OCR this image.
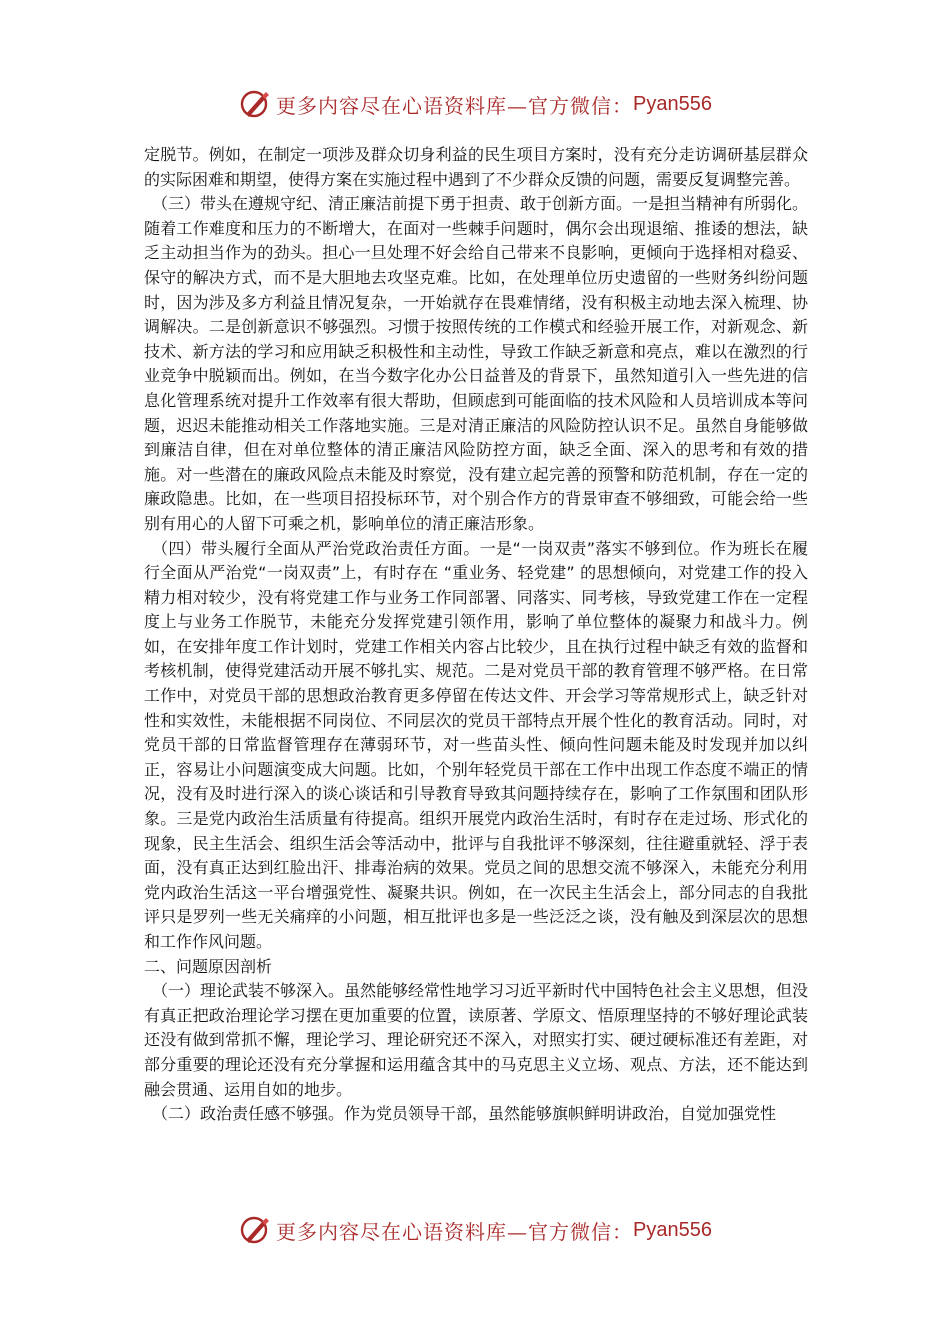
更多内容尽在心语资料库—官方微信： Pyan556

定脱节。例如，在制定一项涉及群众切身利益的民生项目方案时，没有充分走访调研基层群众的实际困难和期望，使得方案在实施过程中遇到了不少群众反馈的问题，需要反复调整完善。

（三）带头在遵规守纪、清正廉洁前提下勇于担责、敢于创新方面。一是担当精神有所弱化。随着工作难度和压力的不断增大，在面对一些棘手问题时，偶尔会出现退缩、推诿的想法，缺乏主动担当作为的劲头。担心一旦处理不好会给自己带来不良影响，更倾向于选择相对稳妥、保守的解决方式，而不是大胆地去攻坚克难。比如，在处理单位历史遗留的一些财务纠纷问题时，因为涉及多方利益且情况复杂，一开始就存在畏难情绪，没有积极主动地去深入梳理、协调解决。二是创新意识不够强烈。习惯于按照传统的工作模式和经验开展工作，对新观念、新技术、新方法的学习和应用缺乏积极性和主动性，导致工作缺乏新意和亮点，难以在激烈的行业竞争中脱颖而出。例如，在当今数字化办公日益普及的背景下，虽然知道引入一些先进的信息化管理系统对提升工作效率有很大帮助，但顾虑到可能面临的技术风险和人员培训成本等问题，迟迟未能推动相关工作落地实施。三是对清正廉洁的风险防控认识不足。虽然自身能够做到廉洁自律，但在对单位整体的清正廉洁风险防控方面，缺乏全面、深入的思考和有效的措施。对一些潜在的廉政风险点未能及时察觉，没有建立起完善的预警和防范机制，存在一定的廉政隐患。比如，在一些项目招投标环节，对个别合作方的背景审查不够细致，可能会给一些别有用心的人留下可乘之机，影响单位的清正廉洁形象。

（四）带头履行全面从严治党政治责任方面。一是“一岗双责”落实不够到位。作为班长在履行全面从严治党“一岗双责”上，有时存在 “重业务、轻党建” 的思想倾向，对党建工作的投入精力相对较少，没有将党建工作与业务工作同部署、同落实、同考核，导致党建工作在一定程度上与业务工作脱节，未能充分发挥党建引领作用，影响了单位整体的凝聚力和战斗力。例如，在安排年度工作计划时，党建工作相关内容占比较少，且在执行过程中缺乏有效的监督和考核机制，使得党建活动开展不够扎实、规范。二是对党员干部的教育管理不够严格。在日常工作中，对党员干部的思想政治教育更多停留在传达文件、开会学习等常规形式上，缺乏针对性和实效性，未能根据不同岗位、不同层次的党员干部特点开展个性化的教育活动。同时，对党员干部的日常监督管理存在薄弱环节，对一些苗头性、倾向性问题未能及时发现并加以纠正，容易让小问题演变成大问题。比如，个别年轻党员干部在工作中出现工作态度不端正的情况，没有及时进行深入的谈心谈话和引导教育导致其问题持续存在，影响了工作氛围和团队形象。三是党内政治生活质量有待提高。组织开展党内政治生活时，有时存在走过场、形式化的现象，民主生活会、组织生活会等活动中，批评与自我批评不够深刻，往往避重就轻、浮于表面，没有真正达到红脸出汗、排毒治病的效果。党员之间的思想交流不够深入，未能充分利用党内政治生活这一平台增强党性、凝聚共识。例如，在一次民主生活会上，部分同志的自我批评只是罗列一些无关痛痒的小问题，相互批评也多是一些泛泛之谈，没有触及到深层次的思想和工作作风问题。

二、问题原因剖析

（一）理论武装不够深入。虽然能够经常性地学习习近平新时代中国特色社会主义思想，但没有真正把政治理论学习摆在更加重要的位置，读原著、学原文、悟原理坚持的不够好理论武装还没有做到常抓不懈，理论学习、理论研究还不深入，对照实打实、硬过硬标准还有差距，对部分重要的理论还没有充分掌握和运用蕴含其中的马克思主义立场、观点、方法，还不能达到融会贯通、运用自如的地步。

（二）政治责任感不够强。作为党员领导干部，虽然能够旗帜鲜明讲政治，自觉加强党性

更多内容尽在心语资料库—官方微信： Pyan556
